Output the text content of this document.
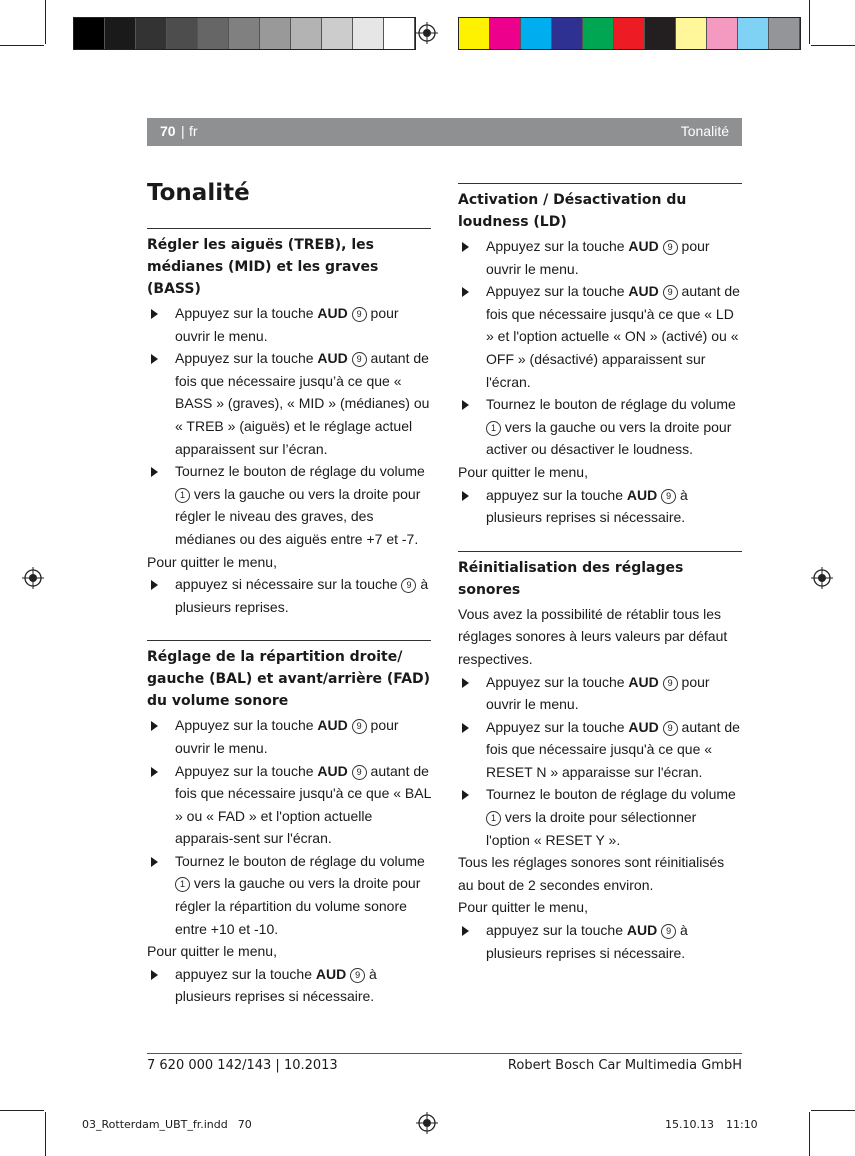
70 | fr	Tonalité
Tonalité
Régler les aiguës (TREB), les médianes (MID) et les graves (BASS)

Appuyez sur la touche AUD 9 pour ouvrir le menu.

Appuyez sur la touche AUD 9 autant de fois que nécessaire jusqu’à ce que « BASS » (graves), « MID » (médianes) ou « TREB » (aiguës) et le réglage actuel apparaissent sur l’écran.

Tournez le bouton de réglage du volume 1 vers la gauche ou vers la droite pour régler le niveau des graves, des médianes ou des aiguës entre +7 et -7.

Pour quitter le menu,

appuyez si nécessaire sur la touche 9 à plusieurs reprises.

Réglage de la répartition droite/ gauche (BAL) et avant/arrière (FAD) du volume sonore

Appuyez sur la touche AUD 9 pour ouvrir le menu.

Appuyez sur la touche AUD 9 autant de fois que nécessaire jusqu'à ce que « BAL » ou « FAD » et l'option actuelle apparais-sent sur l'écran.

Tournez le bouton de réglage du volume 1 vers la gauche ou vers la droite pour régler la répartition du volume sonore entre +10 et -10.

Pour quitter le menu,

appuyez sur la touche AUD 9 à plusieurs reprises si nécessaire.

Activation / Désactivation du loudness (LD)

Appuyez sur la touche AUD 9 pour ouvrir le menu.

Appuyez sur la touche AUD 9 autant de fois que nécessaire jusqu'à ce que « LD » et l'option actuelle « ON » (activé) ou « OFF » (désactivé) apparaissent sur l'écran.

Tournez le bouton de réglage du volume 1 vers la gauche ou vers la droite pour activer ou désactiver le loudness.

Pour quitter le menu,

appuyez sur la touche AUD 9 à plusieurs reprises si nécessaire.

Réinitialisation des réglages sonores

Vous avez la possibilité de rétablir tous les réglages sonores à leurs valeurs par défaut respectives.

Appuyez sur la touche AUD 9 pour ouvrir le menu.

Appuyez sur la touche AUD 9 autant de fois que nécessaire jusqu'à ce que « RESET N » apparaisse sur l'écran.

Tournez le bouton de réglage du volume 1 vers la droite pour sélectionner l'option « RESET Y ».

Tous les réglages sonores sont réinitialisés au bout de 2 secondes environ.

Pour quitter le menu,

appuyez sur la touche AUD 9 à plusieurs reprises si nécessaire.

7 620 000 142/143 | 10.2013	Robert Bosch Car Multimedia GmbH
03_Rotterdam_UBT_fr.indd 70	15.10.13 11:10
